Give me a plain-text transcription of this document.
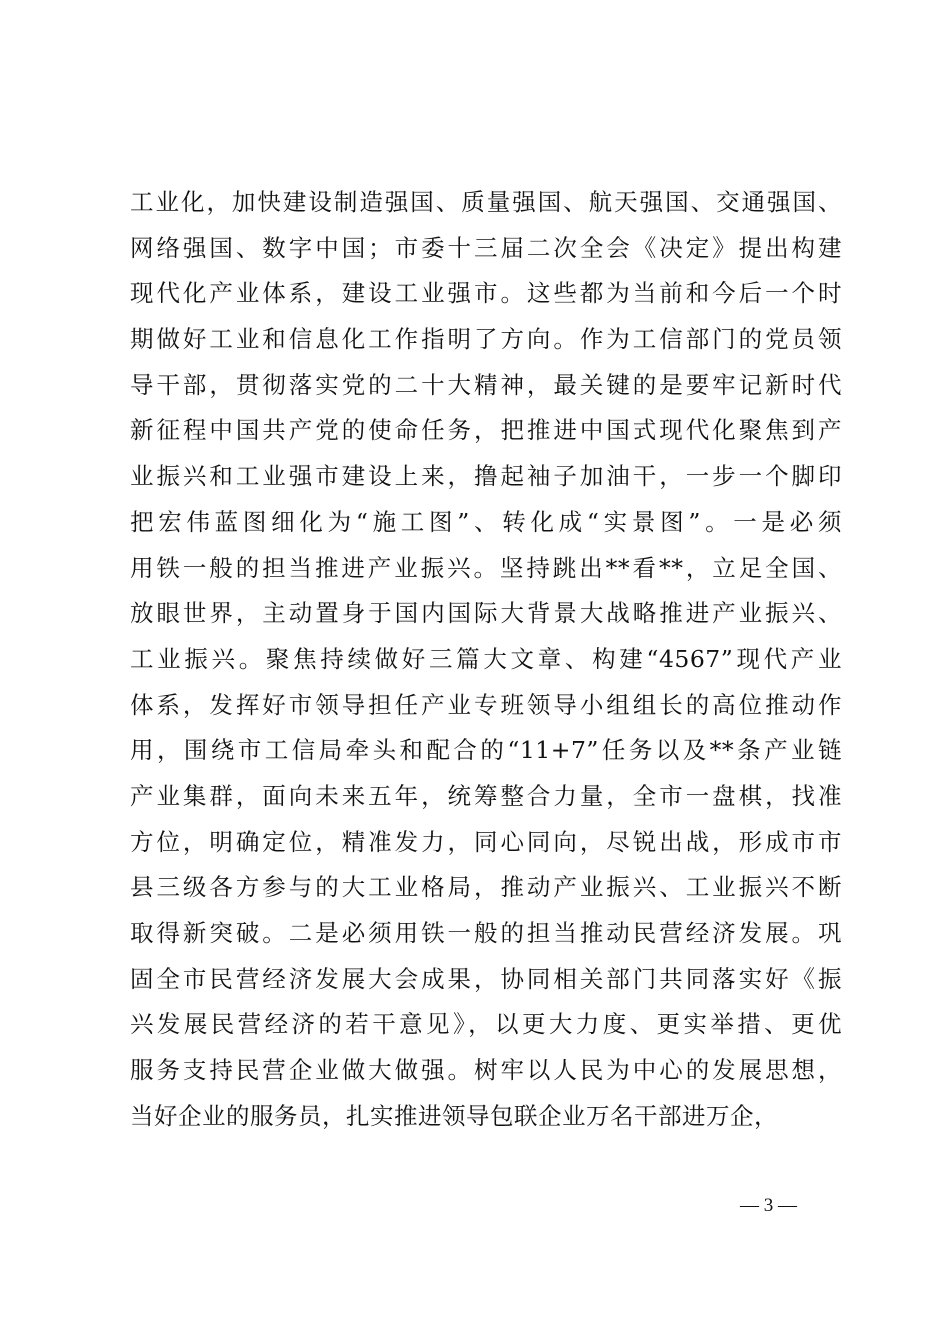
工业化，加快建设制造强国、质量强国、航天强国、交通强国、
网络强国、数字中国；市委十三届二次全会《决定》提出构建
现代化产业体系，建设工业强市。这些都为当前和今后一个时
期做好工业和信息化工作指明了方向。作为工信部门的党员领
导干部，贯彻落实党的二十大精神，最关键的是要牢记新时代
新征程中国共产党的使命任务，把推进中国式现代化聚焦到产
业振兴和工业强市建设上来，撸起袖子加油干，一步一个脚印
把宏伟蓝图细化为“施工图”、转化成“实景图”。一是必须
用铁一般的担当推进产业振兴。坚持跳出**看**，立足全国、
放眼世界，主动置身于国内国际大背景大战略推进产业振兴、
工业振兴。聚焦持续做好三篇大文章、构建“4567”现代产业
体系，发挥好市领导担任产业专班领导小组组长的高位推动作
用，围绕市工信局牵头和配合的“11+7”任务以及**条产业链
产业集群，面向未来五年，统筹整合力量，全市一盘棋，找准
方位，明确定位，精准发力，同心同向，尽锐出战，形成市市
县三级各方参与的大工业格局，推动产业振兴、工业振兴不断
取得新突破。二是必须用铁一般的担当推动民营经济发展。巩
固全市民营经济发展大会成果，协同相关部门共同落实好《振
兴发展民营经济的若干意见》，以更大力度、更实举措、更优
服务支持民营企业做大做强。树牢以人民为中心的发展思想，
当好企业的服务员，扎实推进领导包联企业万名干部进万企，
— 3 —
